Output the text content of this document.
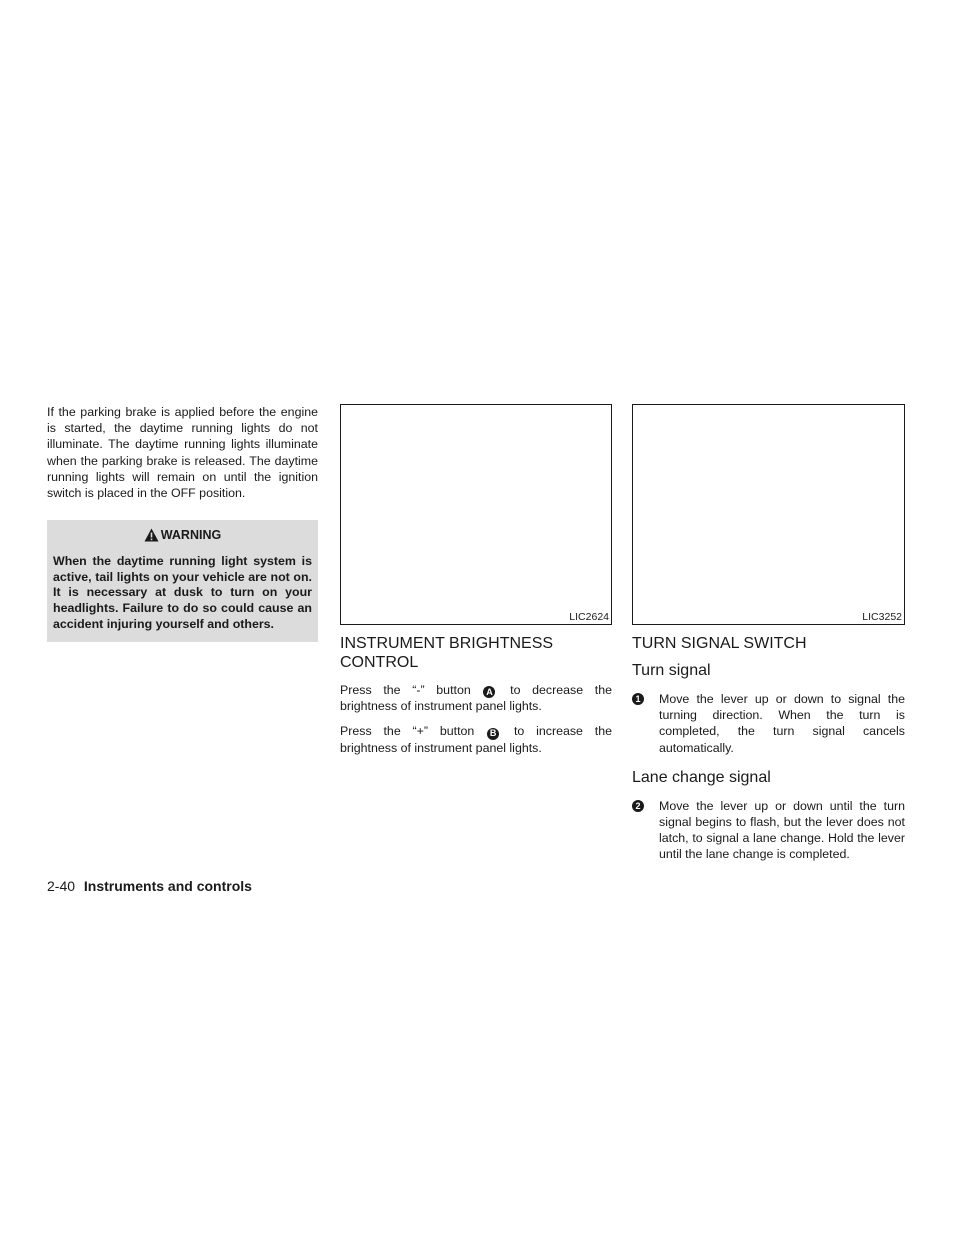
If the parking brake is applied before the engine is started, the daytime running lights do not illuminate. The daytime running lights illuminate when the parking brake is released. The daytime running lights will remain on until the ignition switch is placed in the OFF position.

WARNING

When the daytime running light system is active, tail lights on your vehicle are not on. It is necessary at dusk to turn on your headlights. Failure to do so could cause an accident injuring yourself and others.	LIC2624
INSTRUMENT BRIGHTNESS
CONTROL

Press the “-” button A to decrease the brightness of instrument panel lights.

Press the “+” button B to increase the brightness of instrument panel lights.

LIC3252
TURN SIGNAL SWITCH
Turn signal
1 Move the lever up or down to signal the turning direction. When the turn is completed, the turn signal cancels automatically.

Lane change signal
2 Move the lever up or down until the turn signal begins to flash, but the lever does not latch, to signal a lane change. Hold the lever until the lane change is completed.

2-40 Instruments and controls
